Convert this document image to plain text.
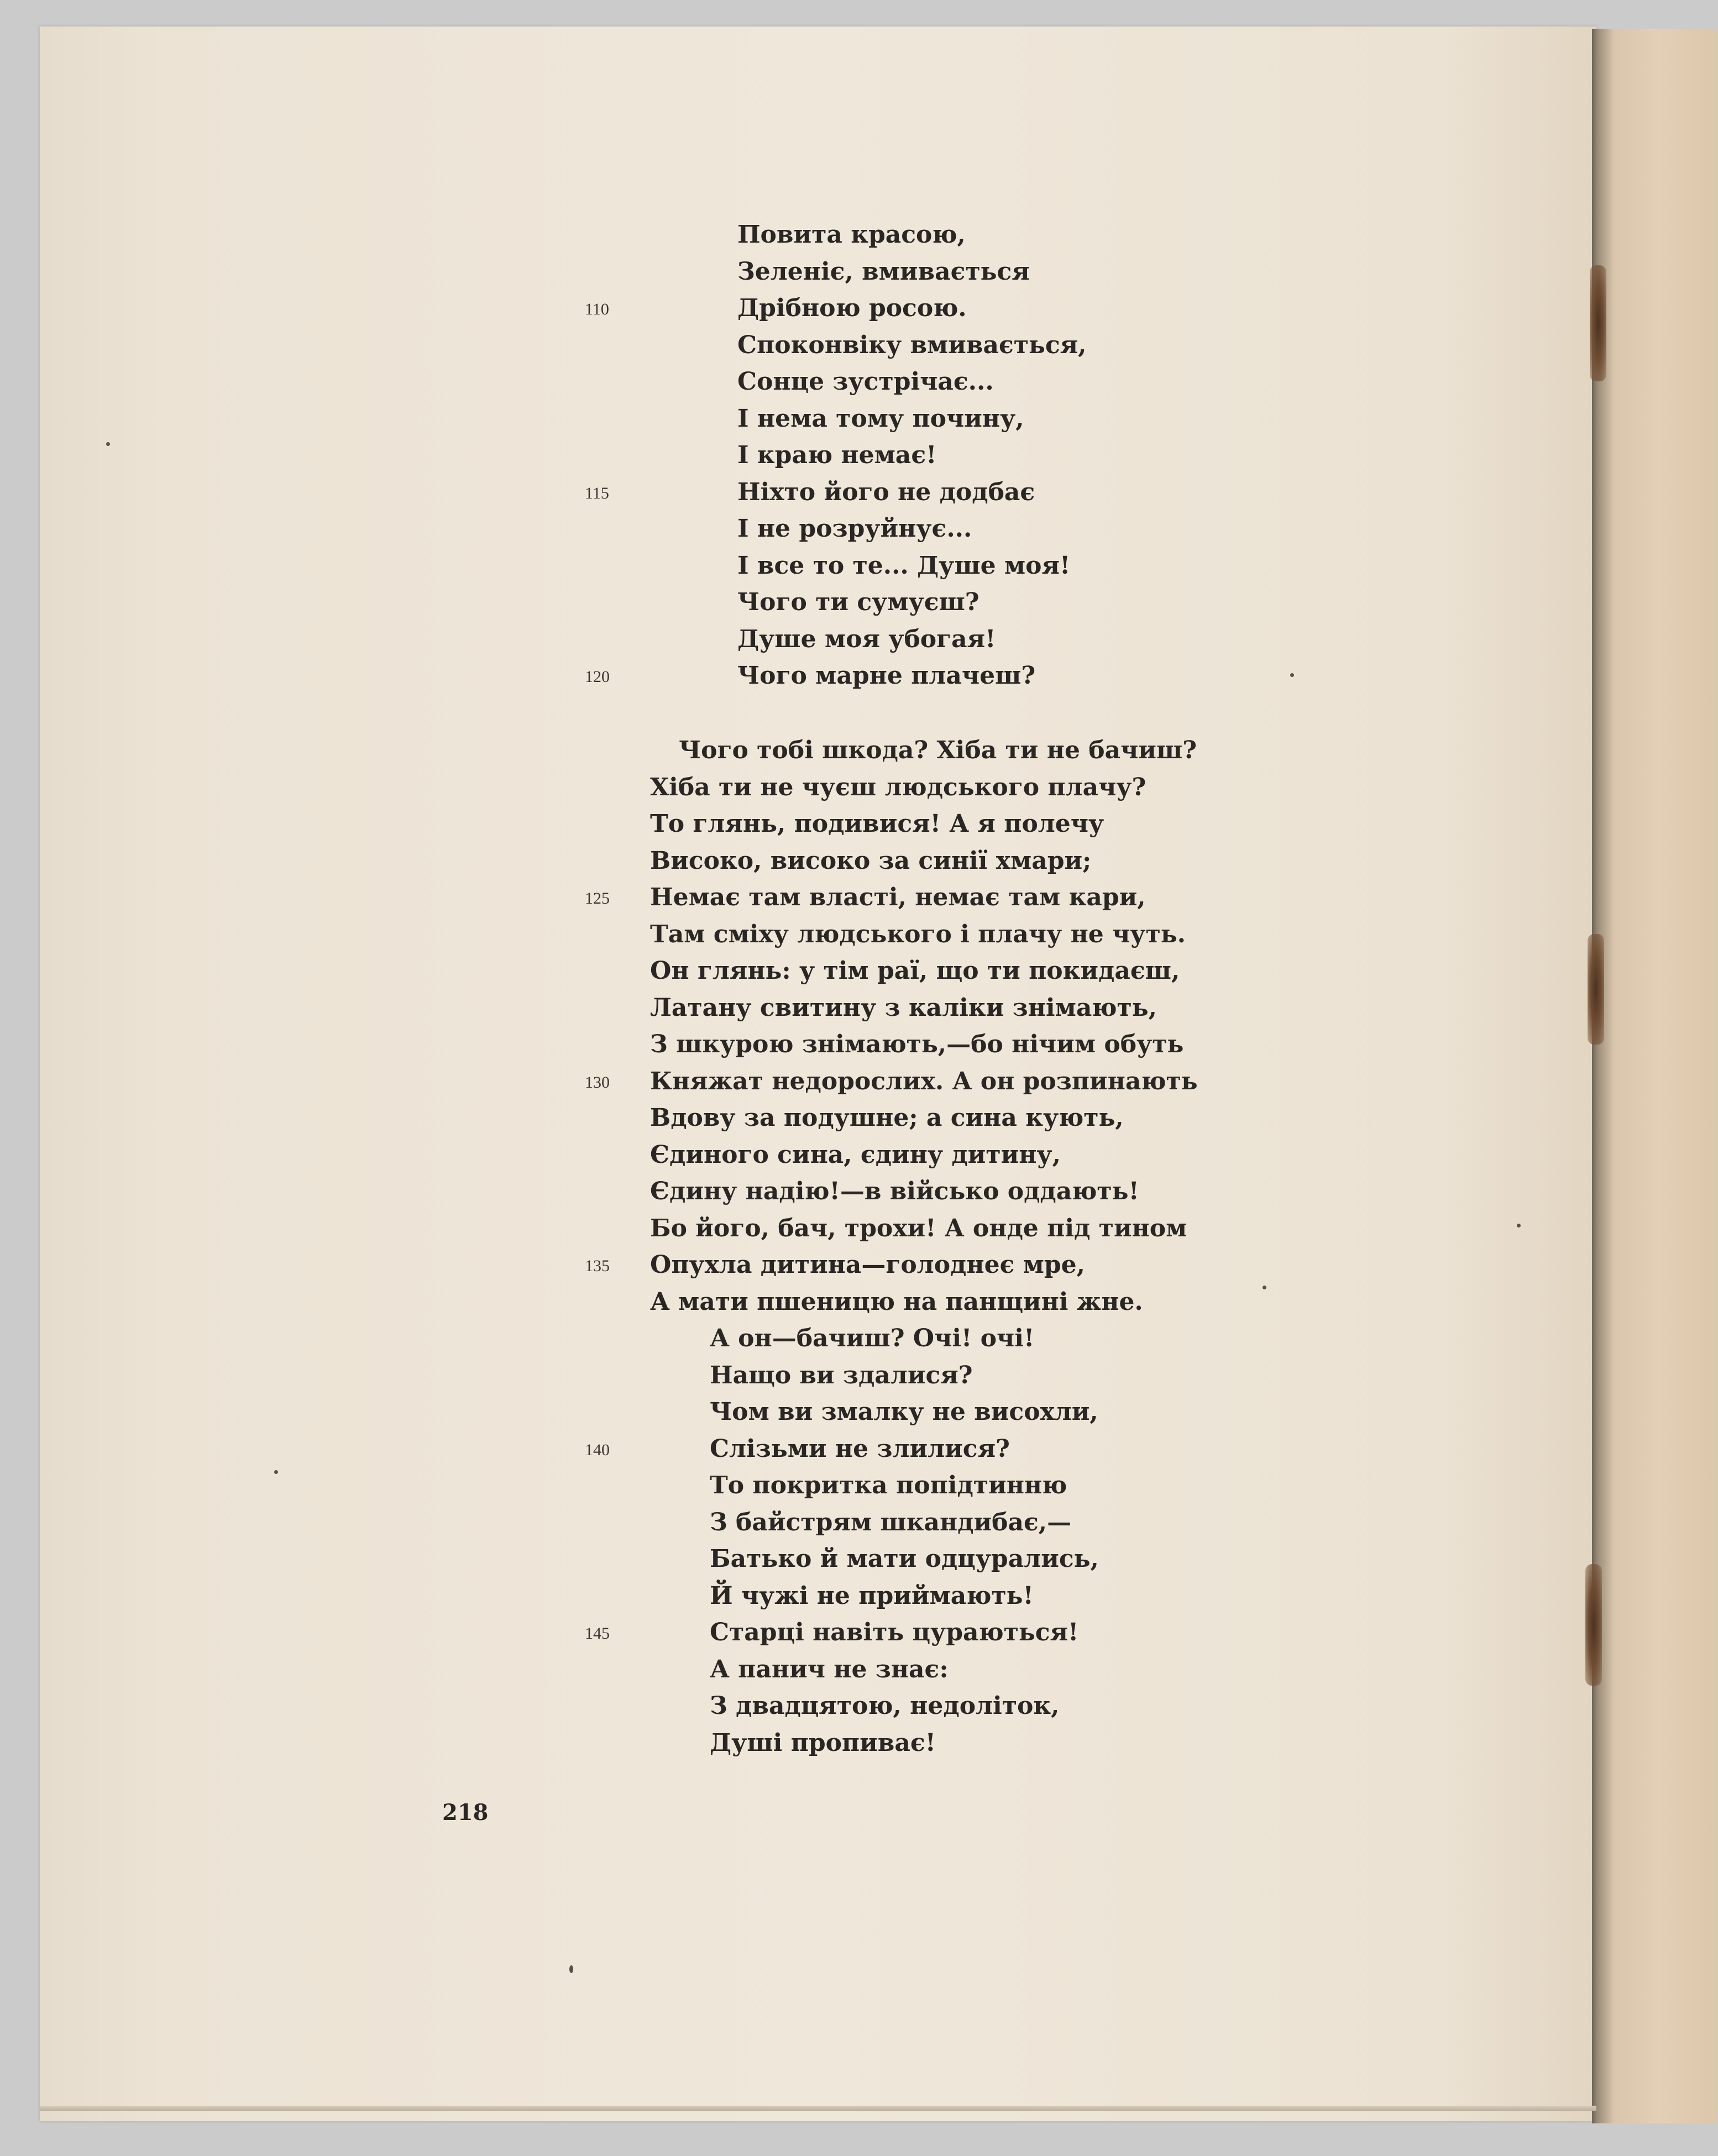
Повита красою,
Зеленіє, вмивається
Дрібною росою.
Споконвіку вмивається,
Сонце зустрічає...
І нема тому почину,
І краю немає!
Ніхто його не додбає
І не розруйнує...
І все то те... Душе моя!
Чого ти сумуєш?
Душе моя убогая!
Чого марне плачеш?
Чого тобі шкода? Хіба ти не бачиш?
Хіба ти не чуєш людського плачу?
То глянь, подивися! А я полечу
Високо, високо за синії хмари;
Немає там власті, немає там кари,
Там сміху людського і плачу не чуть.
Он глянь: у тім раї, що ти покидаєш,
Латану свитину з каліки знімають,
З шкурою знімають,—бо нічим обуть
Княжат недорослих. А он розпинають
Вдову за подушне; а сина кують,
Єдиного сина, єдину дитину,
Єдину надію!—в військо оддають!
Бо його, бач, трохи! А онде під тином
Опухла дитина—голоднеє мре,
А мати пшеницю на панщині жне.
А он—бачиш? Очі! очі!
Нащо ви здалися?
Чом ви змалку не висохли,
Слізьми не злилися?
То покритка попідтинню
З байстрям шкандибає,—
Батько й мати одцурались,
Й чужі не приймають!
Старці навіть цураються!
А панич не знає:
З двадцятою, недоліток,
Душі пропиває!
110
115
120
125
130
135
140
145
218
